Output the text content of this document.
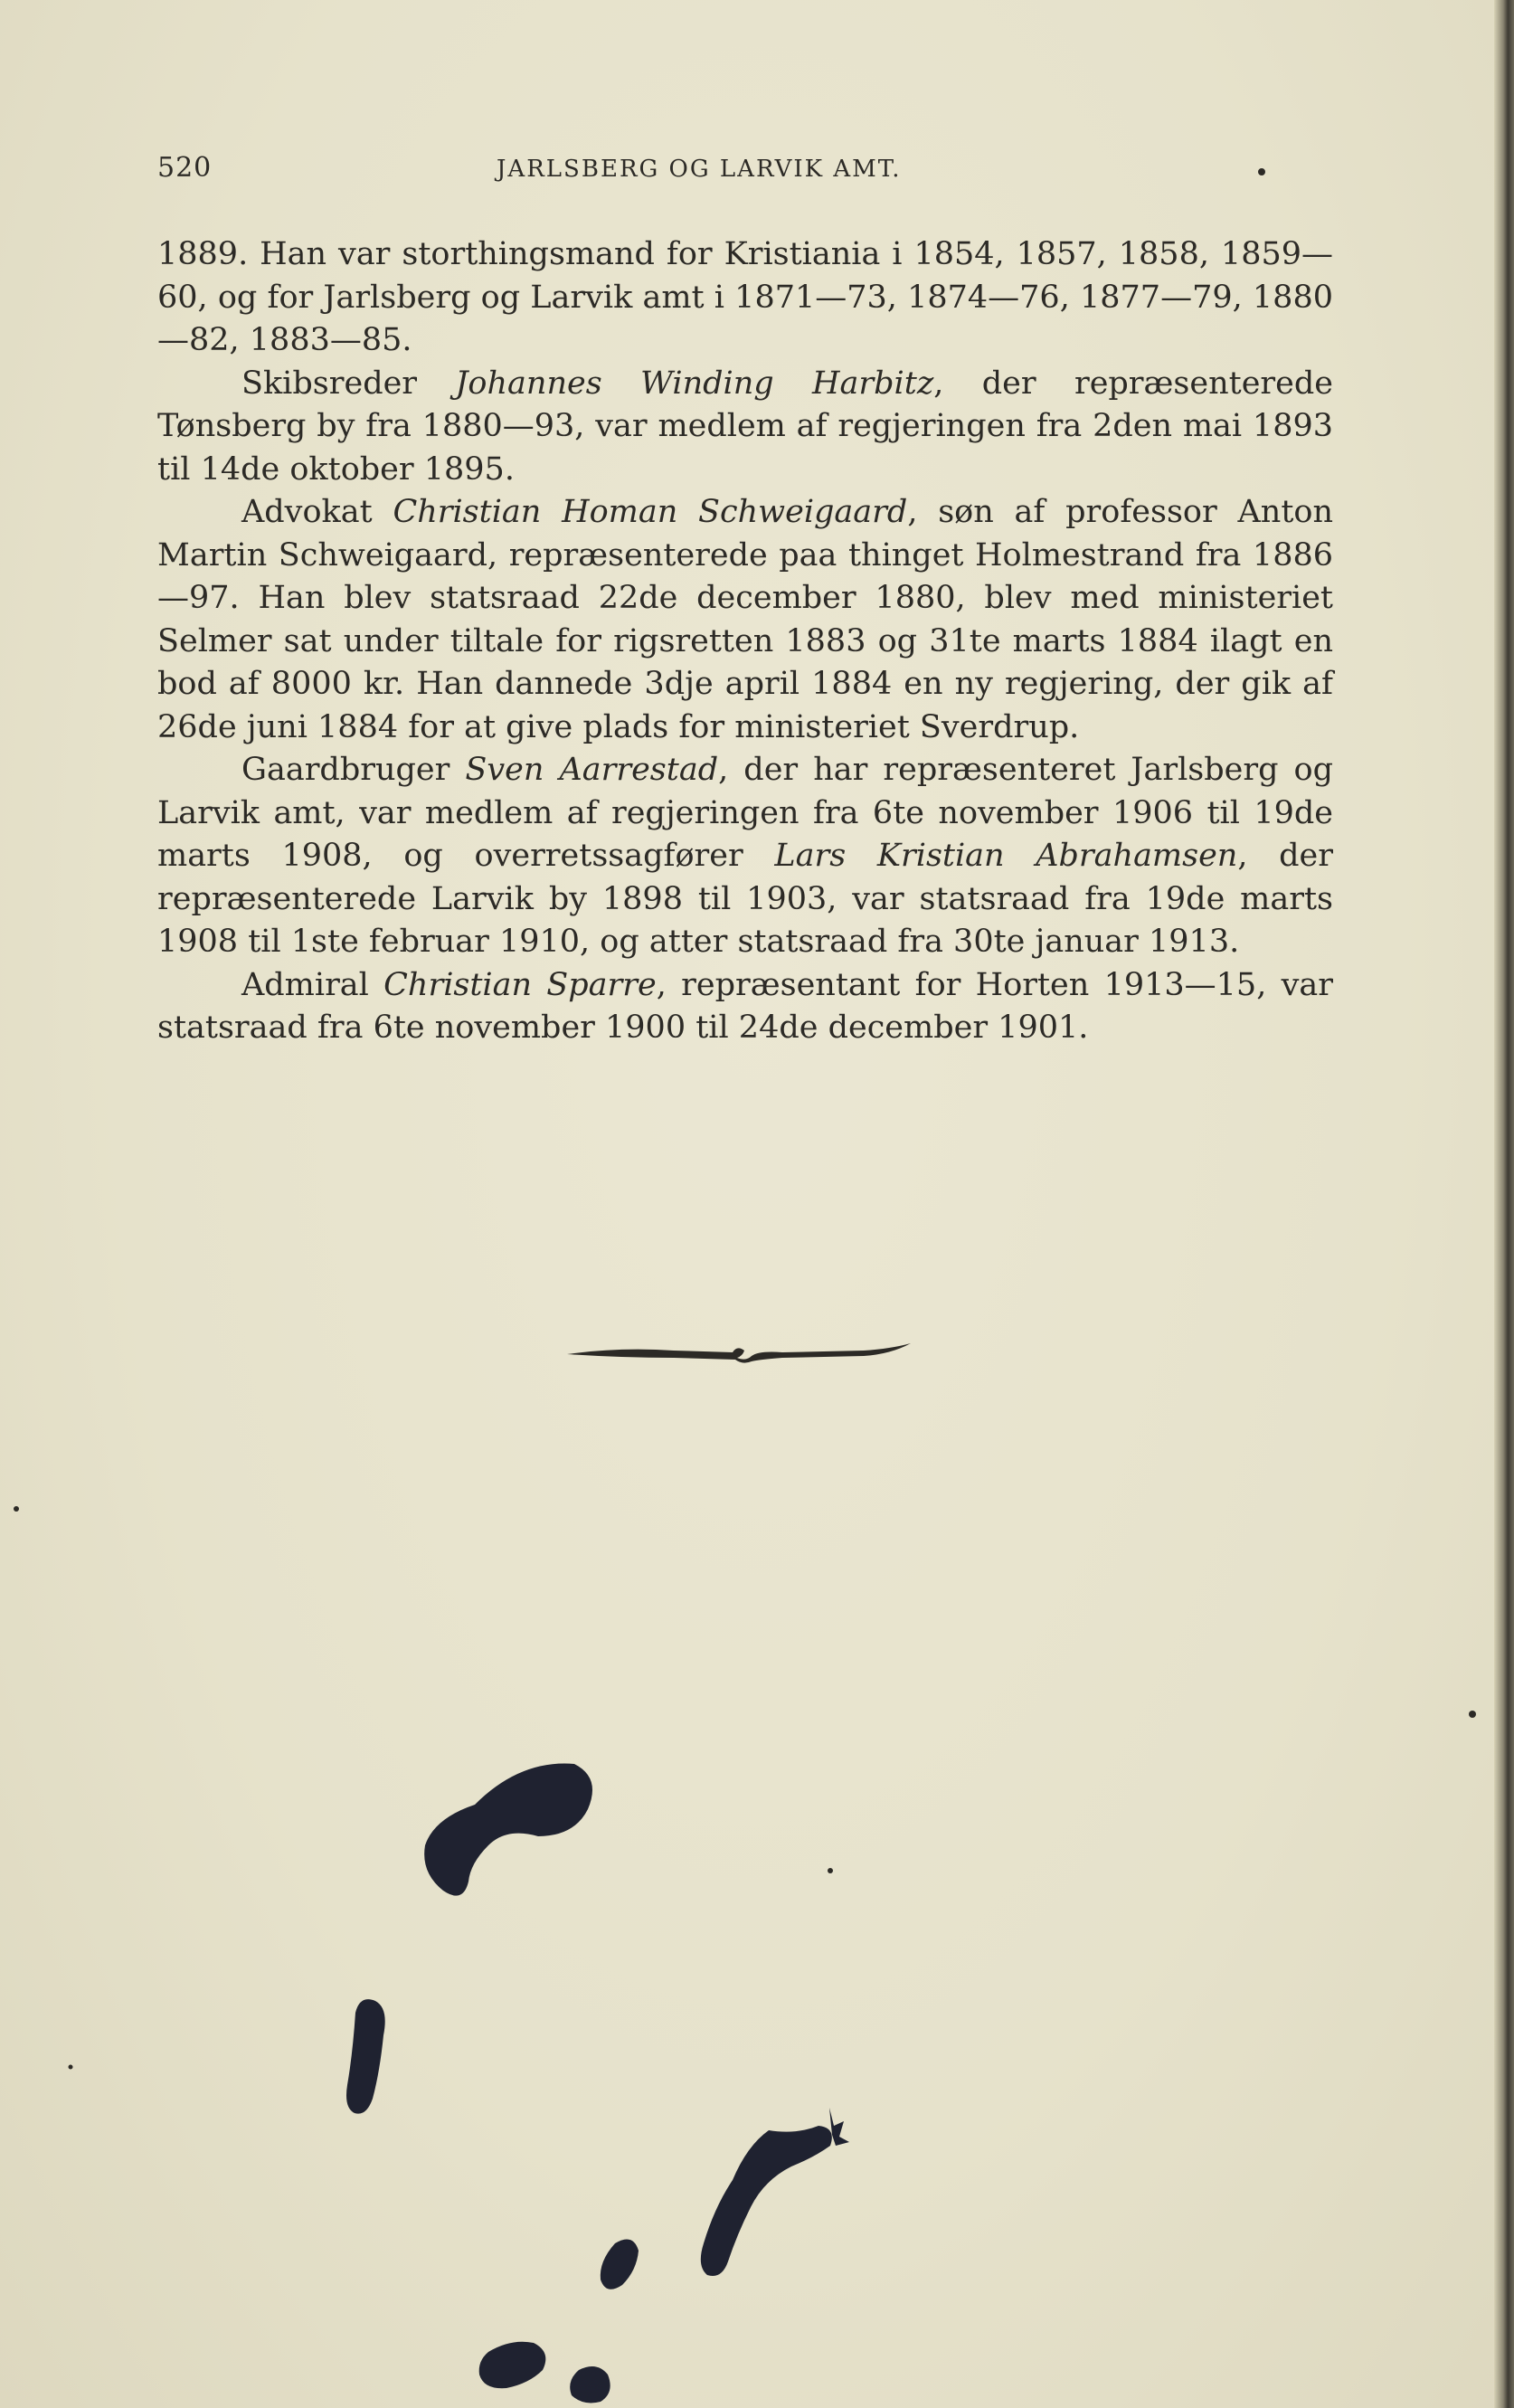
520	JARLSBERG OG LARVIK AMT.

1889. Han var storthingsmand for Kristiania i 1854, 1857, 1858, 1859—60, og for Jarlsberg og Larvik amt i 1871—73, 1874—76, 1877—79, 1880—82, 1883—85.

Skibsreder Johannes Winding Harbitz, der repræsenterede Tønsberg by fra 1880—93, var medlem af regjeringen fra 2den mai 1893 til 14de oktober 1895.

Advokat Christian Homan Schweigaard, søn af professor Anton Martin Schweigaard, repræsenterede paa thinget Holmestrand fra 1886—97. Han blev statsraad 22de december 1880, blev med ministeriet Selmer sat under tiltale for rigsretten 1883 og 31te marts 1884 ilagt en bod af 8000 kr. Han dannede 3dje april 1884 en ny regjering, der gik af 26de juni 1884 for at give plads for ministeriet Sverdrup.

Gaardbruger Sven Aarrestad, der har repræsenteret Jarlsberg og Larvik amt, var medlem af regjeringen fra 6te november 1906 til 19de marts 1908, og overretssagfører Lars Kristian Abrahamsen, der repræsenterede Larvik by 1898 til 1903, var statsraad fra 19de marts 1908 til 1ste februar 1910, og atter statsraad fra 30te januar 1913.

Admiral Christian Sparre, repræsentant for Horten 1913—15, var statsraad fra 6te november 1900 til 24de december 1901.
